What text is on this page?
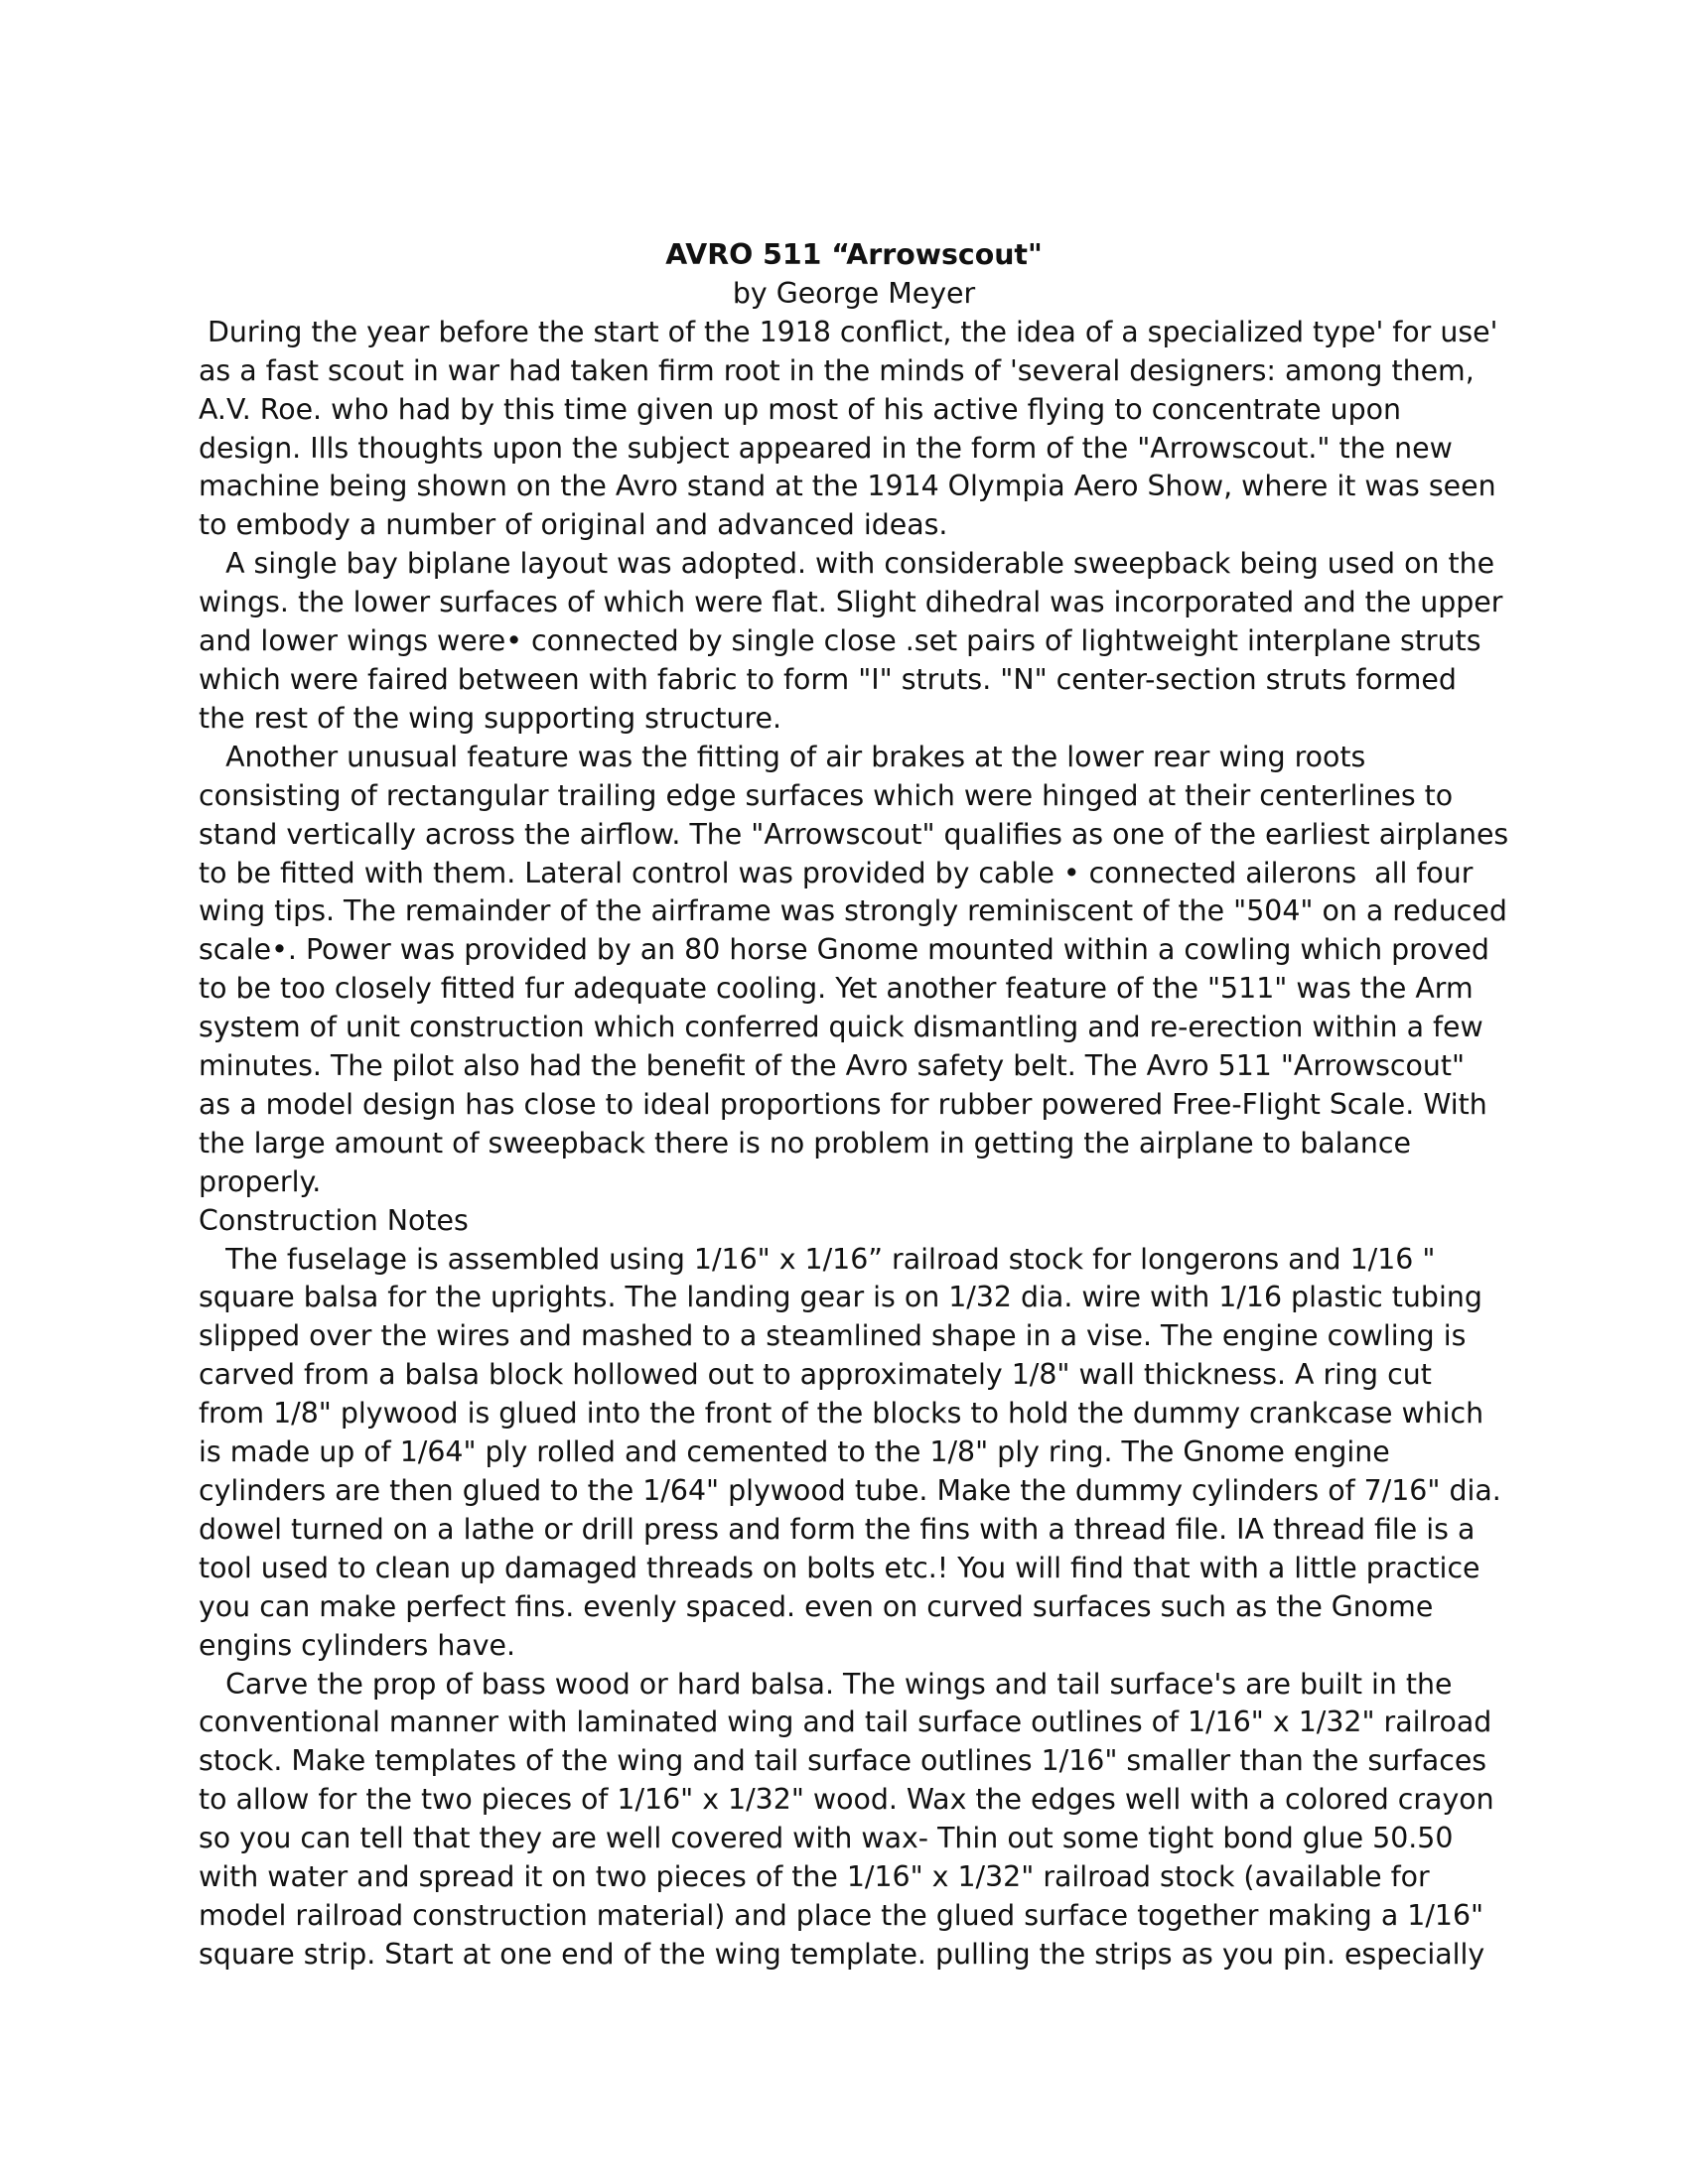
AVRO 511 “Arrowscout"

by George Meyer

During the year before the start of the 1918 conflict, the idea of a specialized type' for use'

as a fast scout in war had taken firm root in the minds of 'several designers: among them,

A.V. Roe. who had by this time given up most of his active flying to concentrate upon

design. Ills thoughts upon the subject appeared in the form of the "Arrowscout." the new

machine being shown on the Avro stand at the 1914 Olympia Aero Show, where it was seen

to embody a number of original and advanced ideas.

A single bay biplane layout was adopted. with considerable sweepback being used on the

wings. the lower surfaces of which were flat. Slight dihedral was incorporated and the upper

and lower wings were• connected by single close .set pairs of lightweight interplane struts

which were faired between with fabric to form "I" struts. "N" center-section struts formed

the rest of the wing supporting structure.

Another unusual feature was the fitting of air brakes at the lower rear wing roots

consisting of rectangular trailing edge surfaces which were hinged at their centerlines to

stand vertically across the airflow. The "Arrowscout" qualifies as one of the earliest airplanes

to be fitted with them. Lateral control was provided by cable • connected ailerons  all four

wing tips. The remainder of the airframe was strongly reminiscent of the "504" on a reduced

scale•. Power was provided by an 80 horse Gnome mounted within a cowling which proved

to be too closely fitted fur adequate cooling. Yet another feature of the "511" was the Arm

system of unit construction which conferred quick dismantling and re-erection within a few

minutes. The pilot also had the benefit of the Avro safety belt. The Avro 511 "Arrowscout"

as a model design has close to ideal proportions for rubber powered Free-Flight Scale. With

the large amount of sweepback there is no problem in getting the airplane to balance

properly.

Construction Notes

The fuselage is assembled using 1/16" x 1/16” railroad stock for longerons and 1/16 "

square balsa for the uprights. The landing gear is on 1/32 dia. wire with 1/16 plastic tubing

slipped over the wires and mashed to a steamlined shape in a vise. The engine cowling is

carved from a balsa block hollowed out to approximately 1/8" wall thickness. A ring cut

from 1/8" plywood is glued into the front of the blocks to hold the dummy crankcase which

is made up of 1/64" ply rolled and cemented to the 1/8" ply ring. The Gnome engine

cylinders are then glued to the 1/64" plywood tube. Make the dummy cylinders of 7/16" dia.

dowel turned on a lathe or drill press and form the fins with a thread file. IA thread file is a

tool used to clean up damaged threads on bolts etc.! You will find that with a little practice

you can make perfect fins. evenly spaced. even on curved surfaces such as the Gnome

engins cylinders have.

Carve the prop of bass wood or hard balsa. The wings and tail surface's are built in the

conventional manner with laminated wing and tail surface outlines of 1/16" x 1/32" railroad

stock. Make templates of the wing and tail surface outlines 1/16" smaller than the surfaces

to allow for the two pieces of 1/16" x 1/32" wood. Wax the edges well with a colored crayon

so you can tell that they are well covered with wax- Thin out some tight bond glue 50.50

with water and spread it on two pieces of the 1/16" x 1/32" railroad stock (available for

model railroad construction material) and place the glued surface together making a 1/16"

square strip. Start at one end of the wing template. pulling the strips as you pin. especially
